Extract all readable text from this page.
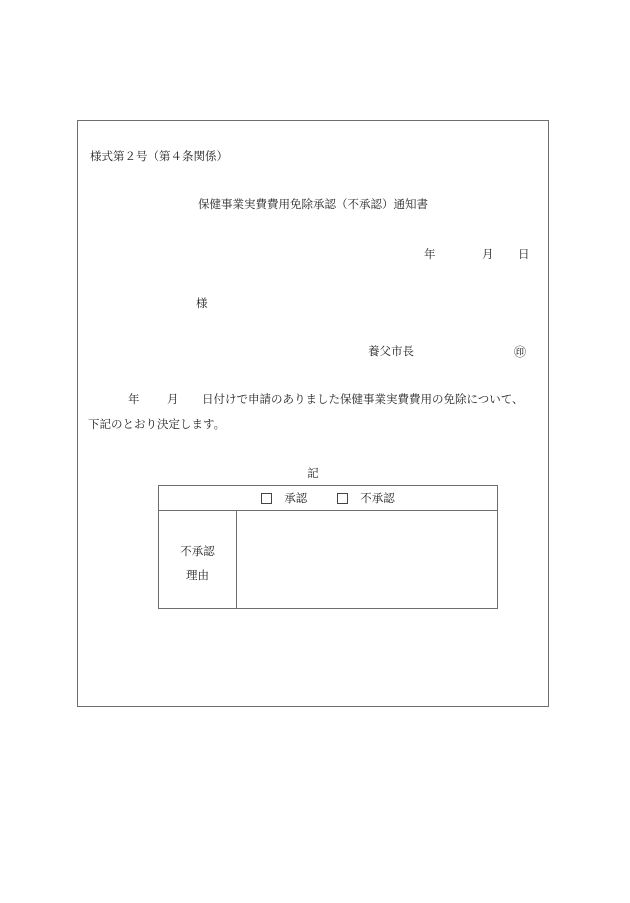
様式第２号（第４条関係）
保健事業実費費用免除承認（不承認）通知書
年	月 日
様
養父市長	㊞
年 月 日付けで申請のありました保健事業実費費用の免除について、
下記のとおり決定します。
記
承認	不承認
不承認
理由
